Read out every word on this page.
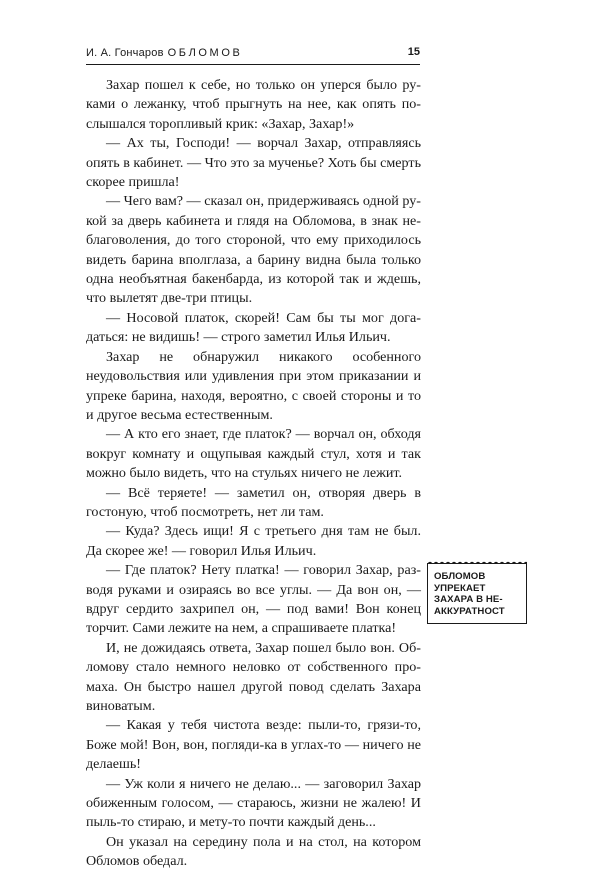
И. А. Гончаров ОБЛОМОВ	15

Захар пошел к себе, но только он уперся было руками о лежанку, чтоб прыгнуть на нее, как опять послышался торопливый крик: «Захар, Захар!»

— Ах ты, Господи! — ворчал Захар, отправляясь опять в кабинет. — Что это за мученье? Хоть бы смерть скорее пришла!

— Чего вам? — сказал он, придерживаясь одной рукой за дверь кабинета и глядя на Обломова, в знак неблаговоления, до того стороной, что ему приходилось видеть барина вполглаза, а барину видна была только одна необъятная бакенбарда, из которой так и ждешь, что вылетят две-три птицы.

— Носовой платок, скорей! Сам бы ты мог догадаться: не видишь! — строго заметил Илья Ильич.

Захар не обнаружил никакого особенного неудовольствия или удивления при этом приказании и упреке барина, находя, вероятно, с своей стороны и то и другое весьма естественным.

— А кто его знает, где платок? — ворчал он, обходя вокруг комнату и ощупывая каждый стул, хотя и так можно было видеть, что на стульях ничего не лежит.

— Всё теряете! — заметил он, отворяя дверь в гостоную, чтоб посмотреть, нет ли там.

— Куда? Здесь ищи! Я с третьего дня там не был. Да скорее же! — говорил Илья Ильич.

— Где платок? Нету платка! — говорил Захар, разводя руками и озираясь во все углы. — Да вон он, — вдруг сердито захрипел он, — под вами! Вон конец торчит. Сами лежите на нем, а спрашиваете платка!

И, не дожидаясь ответа, Захар пошел было вон. Обломову стало немного неловко от собственного промаха. Он быстро нашел другой повод сделать Захара виноватым.

— Какая у тебя чистота везде: пыли-то, грязи-то, Боже мой! Вон, вон, погляди-ка в углах-то — ничего не делаешь!

— Уж коли я ничего не делаю... — заговорил Захар обиженным голосом, — стараюсь, жизни не жалею! И пыль-то стираю, и мету-то почти каждый день...

Он указал на середину пола и на стол, на котором Обломов обедал.

ОБЛОМОВ
УПРЕКАЕТ
ЗАХАРА В НЕ-
АККУРАТНОСТ
